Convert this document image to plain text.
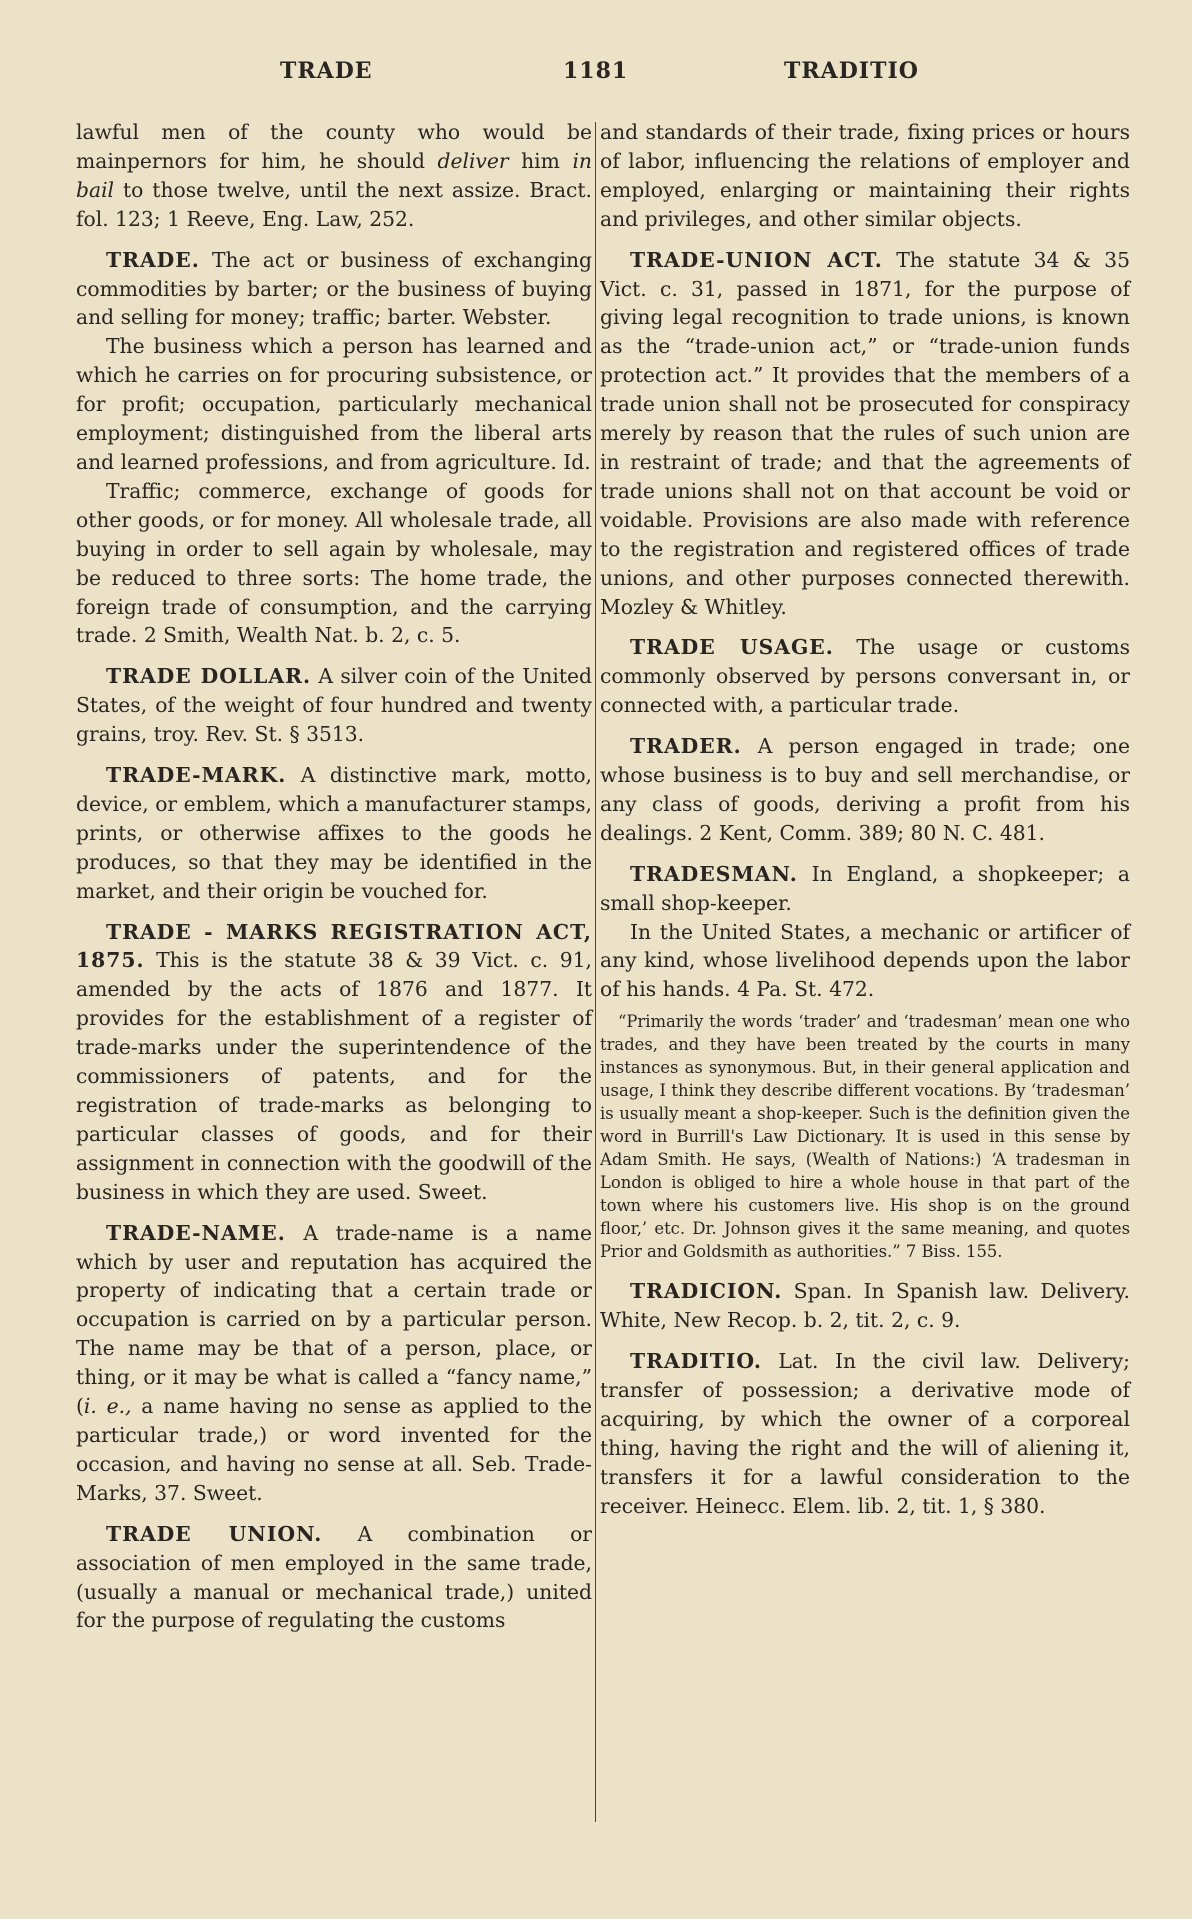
TRADE	1181	TRADITIO

lawful men of the county who would be mainpernors for him, he should deliver him in bail to those twelve, until the next assize. Bract. fol. 123; 1 Reeve, Eng. Law, 252.

TRADE. The act or business of exchanging commodities by barter; or the business of buying and selling for money; traffic; barter. Webster.

The business which a person has learned and which he carries on for procuring subsistence, or for profit; occupation, particularly mechanical employment; distinguished from the liberal arts and learned professions, and from agriculture. Id.

Traffic; commerce, exchange of goods for other goods, or for money. All wholesale trade, all buying in order to sell again by wholesale, may be reduced to three sorts: The home trade, the foreign trade of consumption, and the carrying trade. 2 Smith, Wealth Nat. b. 2, c. 5.

TRADE DOLLAR. A silver coin of the United States, of the weight of four hundred and twenty grains, troy. Rev. St. § 3513.

TRADE-MARK. A distinctive mark, motto, device, or emblem, which a manufacturer stamps, prints, or otherwise affixes to the goods he produces, so that they may be identified in the market, and their origin be vouched for.

TRADE - MARKS REGISTRATION ACT, 1875. This is the statute 38 & 39 Vict. c. 91, amended by the acts of 1876 and 1877. It provides for the establishment of a register of trade-marks under the superintendence of the commissioners of patents, and for the registration of trade-marks as belonging to particular classes of goods, and for their assignment in connection with the goodwill of the business in which they are used. Sweet.

TRADE-NAME. A trade-name is a name which by user and reputation has acquired the property of indicating that a certain trade or occupation is carried on by a particular person. The name may be that of a person, place, or thing, or it may be what is called a “fancy name,” (i. e., a name having no sense as applied to the particular trade,) or word invented for the occasion, and having no sense at all. Seb. Trade-Marks, 37. Sweet.

TRADE UNION. A combination or association of men employed in the same trade, (usually a manual or mechanical trade,) united for the purpose of regulating the customs

and standards of their trade, fixing prices or hours of labor, influencing the relations of employer and employed, enlarging or maintaining their rights and privileges, and other similar objects.

TRADE-UNION ACT. The statute 34 & 35 Vict. c. 31, passed in 1871, for the purpose of giving legal recognition to trade unions, is known as the “trade-union act,” or “trade-union funds protection act.” It provides that the members of a trade union shall not be prosecuted for conspiracy merely by reason that the rules of such union are in restraint of trade; and that the agreements of trade unions shall not on that account be void or voidable. Provisions are also made with reference to the registration and registered offices of trade unions, and other purposes connected therewith. Mozley & Whitley.

TRADE USAGE. The usage or customs commonly observed by persons conversant in, or connected with, a particular trade.

TRADER. A person engaged in trade; one whose business is to buy and sell merchandise, or any class of goods, deriving a profit from his dealings. 2 Kent, Comm. 389; 80 N. C. 481.

TRADESMAN. In England, a shopkeeper; a small shop-keeper.

In the United States, a mechanic or artificer of any kind, whose livelihood depends upon the labor of his hands. 4 Pa. St. 472.

“Primarily the words ‘trader’ and ‘tradesman’ mean one who trades, and they have been treated by the courts in many instances as synonymous. But, in their general application and usage, I think they describe different vocations. By ‘tradesman’ is usually meant a shop-keeper. Such is the definition given the word in Burrill's Law Dictionary. It is used in this sense by Adam Smith. He says, (Wealth of Nations:) ‘A tradesman in London is obliged to hire a whole house in that part of the town where his customers live. His shop is on the ground floor,’ etc. Dr. Johnson gives it the same meaning, and quotes Prior and Goldsmith as authorities.” 7 Biss. 155.

TRADICION. Span. In Spanish law. Delivery. White, New Recop. b. 2, tit. 2, c. 9.

TRADITIO. Lat. In the civil law. Delivery; transfer of possession; a derivative mode of acquiring, by which the owner of a corporeal thing, having the right and the will of aliening it, transfers it for a lawful consideration to the receiver. Heinecc. Elem. lib. 2, tit. 1, § 380.
